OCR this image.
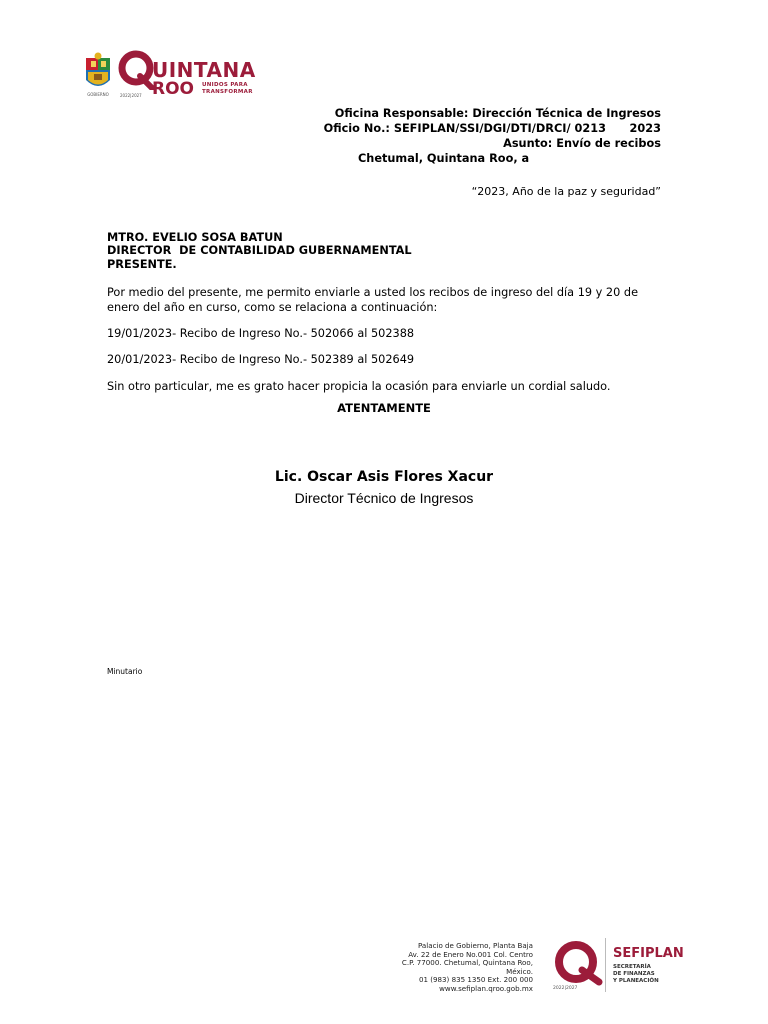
GOBIERNO
UINTANA
ROO UNIDOS PARA
TRANSFORMAR
2022|2027
Oficina Responsable: Dirección Técnica de Ingresos
Oficio No.: SEFIPLAN/SSI/DGI/DTI/DRCI/ 0213      2023
Asunto: Envío de recibos
Chetumal, Quintana Roo, a
“2023, Año de la paz y seguridad”
MTRO. EVELIO SOSA BATUN
DIRECTOR  DE CONTABILIDAD GUBERNAMENTAL
PRESENTE.
Por medio del presente, me permito enviarle a usted los recibos de ingreso del día 19 y 20 de enero del año en curso, como se relaciona a continuación:
19/01/2023- Recibo de Ingreso No.- 502066 al 502388
20/01/2023- Recibo de Ingreso No.- 502389 al 502649
Sin otro particular, me es grato hacer propicia la ocasión para enviarle un cordial saludo.
ATENTAMENTE
Lic. Oscar Asis Flores Xacur
Director Técnico de Ingresos
Minutario
Palacio de Gobierno, Planta Baja
Av. 22 de Enero No.001 Col. Centro
C.P. 77000. Chetumal, Quintana Roo,
México.
01 (983) 835 1350 Ext. 200 000
www.sefiplan.qroo.gob.mx	2022|2027
SEFIPLAN
SECRETARÍA
DE FINANZAS
Y PLANEACIÓN
